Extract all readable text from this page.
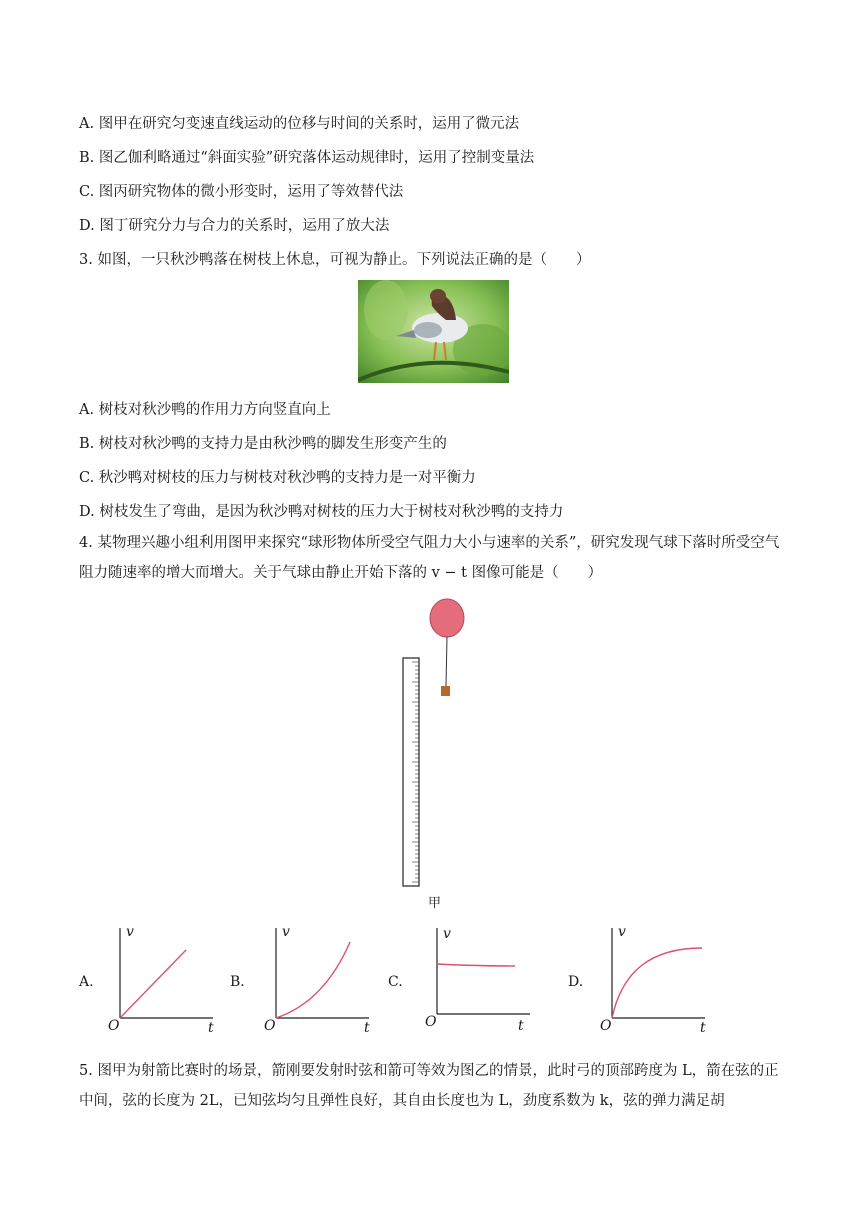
A. 图甲在研究匀变速直线运动的位移与时间的关系时，运用了微元法
B. 图乙伽利略通过“斜面实验”研究落体运动规律时，运用了控制变量法
C. 图丙研究物体的微小形变时，运用了等效替代法
D. 图丁研究分力与合力的关系时，运用了放大法
3. 如图，一只秋沙鸭落在树枝上休息，可视为静止。下列说法正确的是（　　）
A. 树枝对秋沙鸭的作用力方向竖直向上
B. 树枝对秋沙鸭的支持力是由秋沙鸭的脚发生形变产生的
C. 秋沙鸭对树枝的压力与树枝对秋沙鸭的支持力是一对平衡力
D. 树枝发生了弯曲，是因为秋沙鸭对树枝的压力大于树枝对秋沙鸭的支持力
4. 某物理兴趣小组利用图甲来探究“球形物体所受空气阻力大小与速率的关系”，研究发现气球下落时所受空气阻力随速率的增大而增大。关于气球由静止开始下落的 v − t 图像可能是（　　）
甲
A.
v
O	t
B.
v
O	t
C.
v
O	t
D.
v
O	t
5. 图甲为射箭比赛时的场景，箭刚要发射时弦和箭可等效为图乙的情景，此时弓的顶部跨度为 L，箭在弦的正中间，弦的长度为 2L，已知弦均匀且弹性良好，其自由长度也为 L，劲度系数为 k，弦的弹力满足胡
